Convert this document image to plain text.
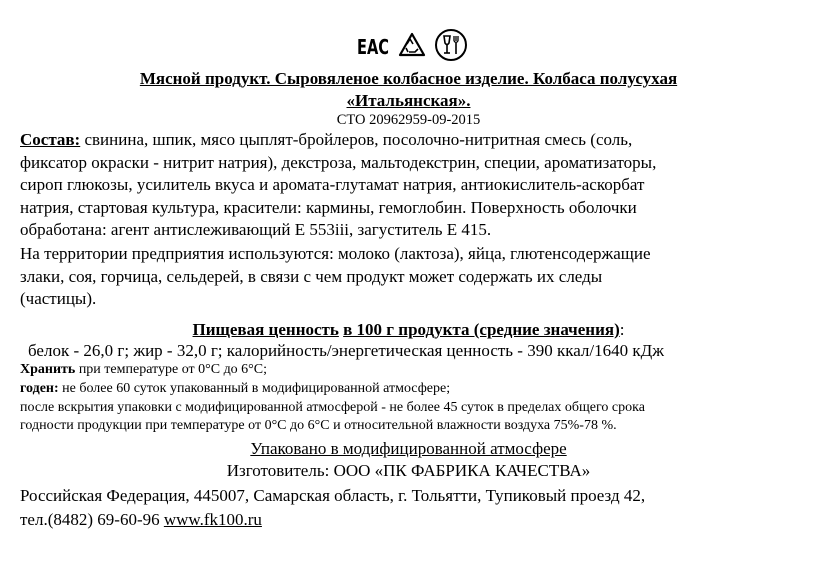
EAC
Мясной продукт. Сыровяленое колбасное изделие. Колбаса полусухая
«Итальянская».
СТО 20962959-09-2015
Состав: свинина, шпик, мясо цыплят-бройлеров, посолочно-нитритная смесь (соль,
фиксатор окраски - нитрит натрия), декстроза, мальтодекстрин, специи, ароматизаторы,
сироп глюкозы, усилитель вкуса и аромата-глутамат натрия, антиокислитель-аскорбат
натрия, стартовая культура, красители: кармины, гемоглобин. Поверхность оболочки
обработана: агент антислеживающий Е 553iii, загуститель Е 415.
На территории предприятия используются: молоко (лактоза), яйца, глютенсодержащие
злаки, соя, горчица, сельдерей, в связи с чем продукт может содержать их следы
(частицы).
Пищевая ценность в 100 г продукта (средние значения):
белок - 26,0 г; жир - 32,0 г; калорийность/энергетическая ценность - 390 ккал/1640 кДж
Хранить при температуре от 0°С до 6°С;
годен: не более 60 суток упакованный в модифицированной атмосфере;
после вскрытия упаковки с модифицированной атмосферой - не более 45 суток в пределах общего срока
годности продукции при температуре от 0°С до 6°С и относительной влажности воздуха 75%-78 %.
Упаковано в модифицированной атмосфере
Изготовитель: ООО «ПК ФАБРИКА КАЧЕСТВА»
Российская Федерация, 445007, Самарская область, г. Тольятти, Тупиковый проезд 42,
тел.(8482) 69-60-96 www.fk100.ru
